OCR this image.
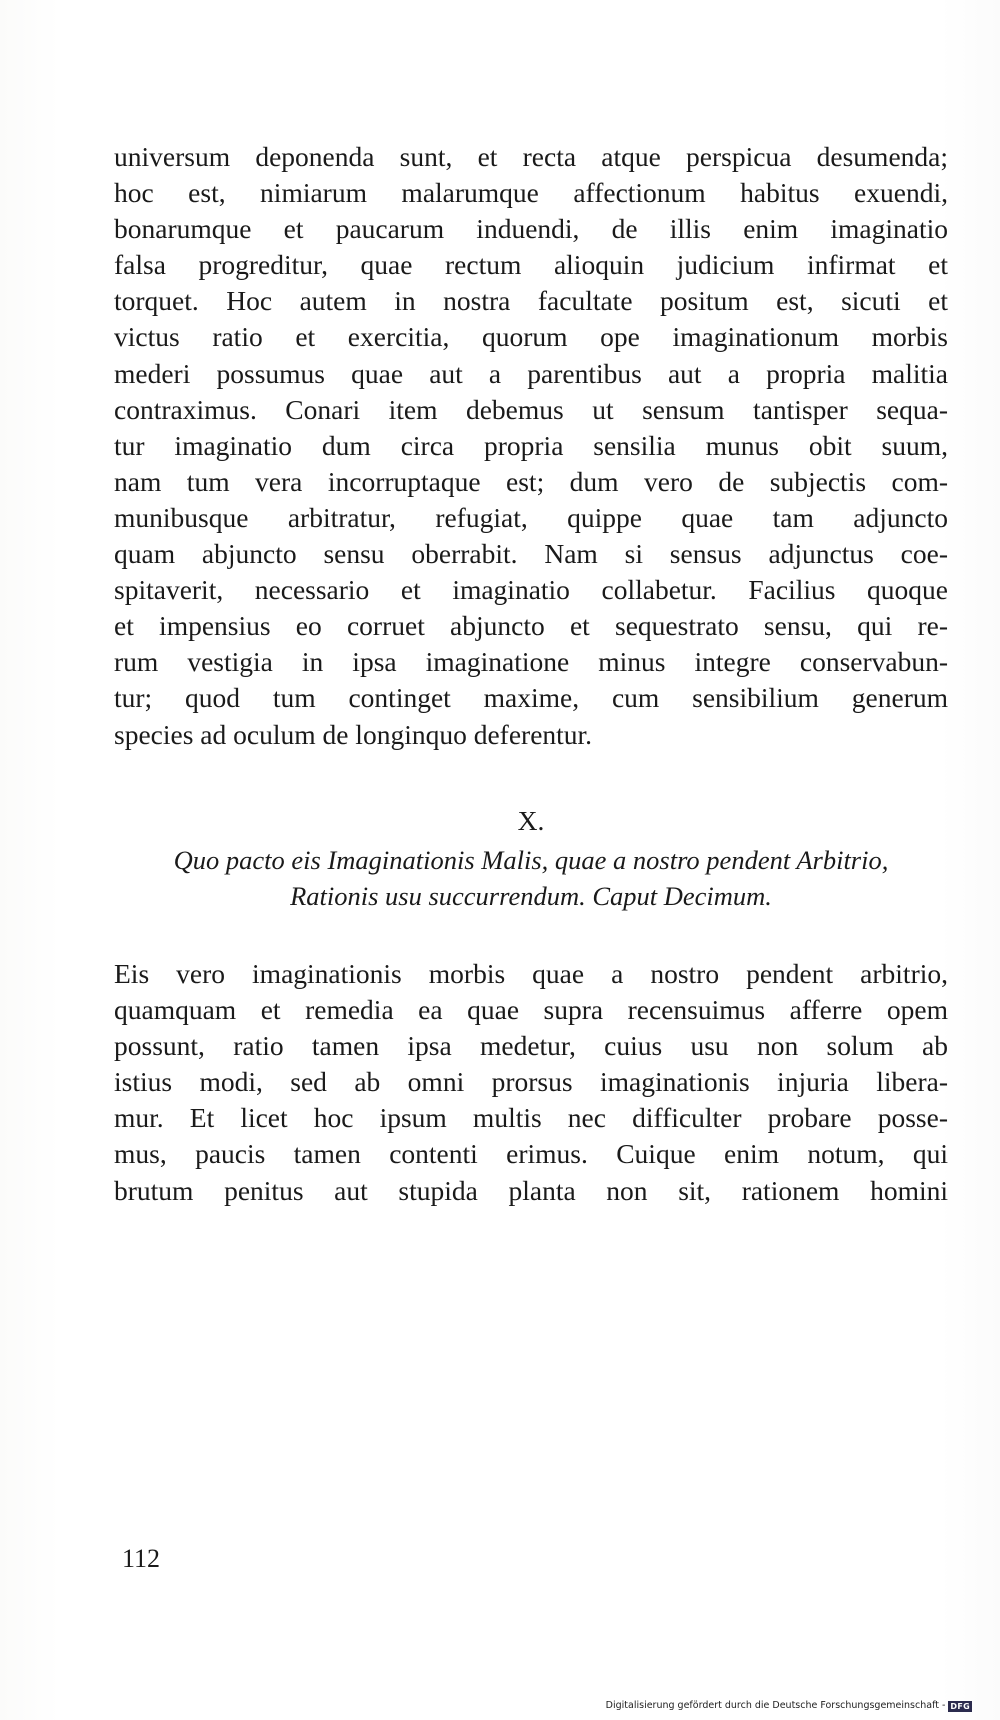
universum deponenda sunt, et recta atque perspicua desumenda;
hoc est, nimiarum malarumque affectionum habitus exuendi,
bonarumque et paucarum induendi, de illis enim imaginatio
falsa progreditur, quae rectum alioquin judicium infirmat et
torquet. Hoc autem in nostra facultate positum est, sicuti et
victus ratio et exercitia, quorum ope imaginationum morbis
mederi possumus quae aut a parentibus aut a propria malitia
contraximus. Conari item debemus ut sensum tantisper sequa-
tur imaginatio dum circa propria sensilia munus obit suum,
nam tum vera incorruptaque est; dum vero de subjectis com-
munibusque arbitratur, refugiat, quippe quae tam adjuncto
quam abjuncto sensu oberrabit. Nam si sensus adjunctus coe-
spitaverit, necessario et imaginatio collabetur. Facilius quoque
et impensius eo corruet abjuncto et sequestrato sensu, qui re-
rum vestigia in ipsa imaginatione minus integre conservabun-
tur; quod tum continget maxime, cum sensibilium generum
species ad oculum de longinquo deferentur.
X.
Quo pacto eis Imaginationis Malis, quae a nostro pendent Arbitrio,
Rationis usu succurrendum. Caput Decimum.
Eis vero imaginationis morbis quae a nostro pendent arbitrio,
quamquam et remedia ea quae supra recensuimus afferre opem
possunt, ratio tamen ipsa medetur, cuius usu non solum ab
istius modi, sed ab omni prorsus imaginationis injuria libera-
mur. Et licet hoc ipsum multis nec difficulter probare posse-
mus, paucis tamen contenti erimus. Cuique enim notum, qui
brutum penitus aut stupida planta non sit, rationem homini
112
Digitalisierung gefördert durch die Deutsche Forschungsgemeinschaft - DFG
